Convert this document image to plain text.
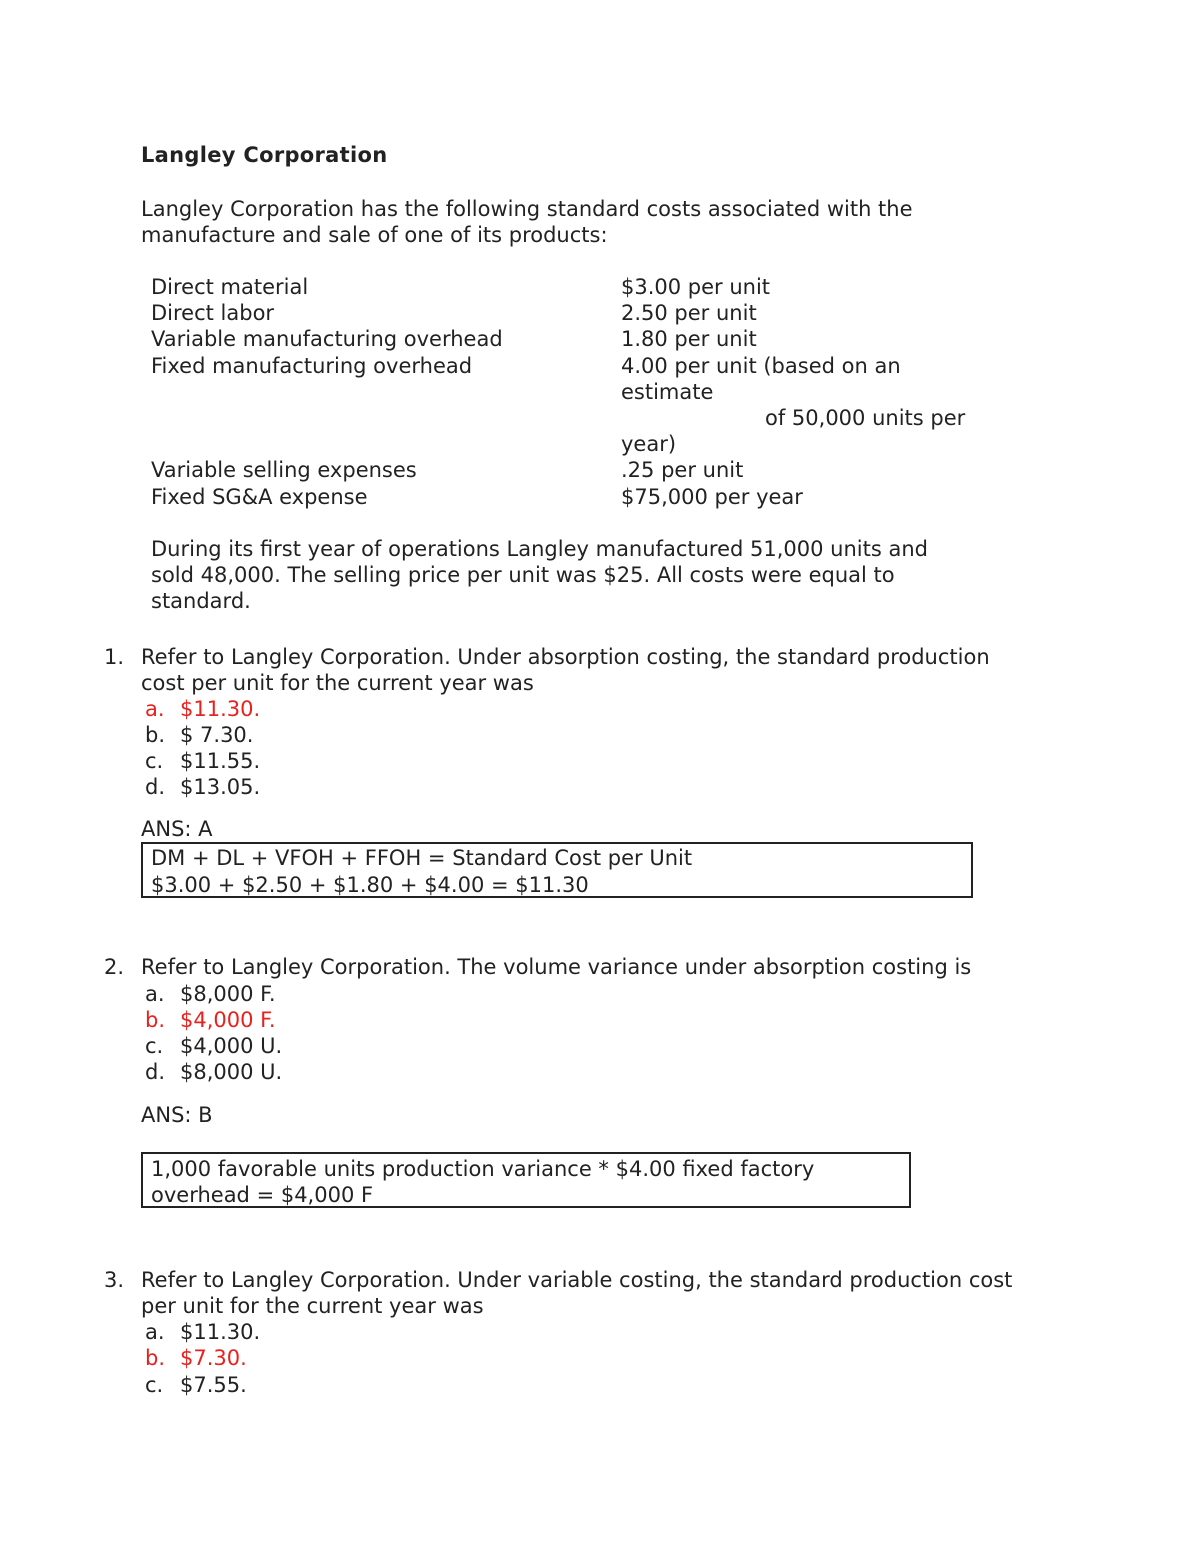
Langley Corporation
Langley Corporation has the following standard costs associated with the
manufacture and sale of one of its products:
Direct material	$3.00 per unit
Direct labor	2.50 per unit
Variable manufacturing overhead	1.80 per unit
Fixed manufacturing overhead	4.00 per unit (based on an
estimate
of 50,000 units per
year)
Variable selling expenses	.25 per unit
Fixed SG&A expense	$75,000 per year
During its first year of operations Langley manufactured 51,000 units and
sold 48,000. The selling price per unit was $25. All costs were equal to
standard.
1. Refer to Langley Corporation. Under absorption costing, the standard production
cost per unit for the current year was
a. $11.30.
b. $ 7.30.
c. $11.55.
d. $13.05.
ANS: A
DM + DL + VFOH + FFOH = Standard Cost per Unit
$3.00 + $2.50 + $1.80 + $4.00 = $11.30
2. Refer to Langley Corporation. The volume variance under absorption costing is
a. $8,000 F.
b. $4,000 F.
c. $4,000 U.
d. $8,000 U.
ANS: B
1,000 favorable units production variance * $4.00 fixed factory
overhead = $4,000 F
3. Refer to Langley Corporation. Under variable costing, the standard production cost
per unit for the current year was
a. $11.30.
b. $7.30.
c. $7.55.
